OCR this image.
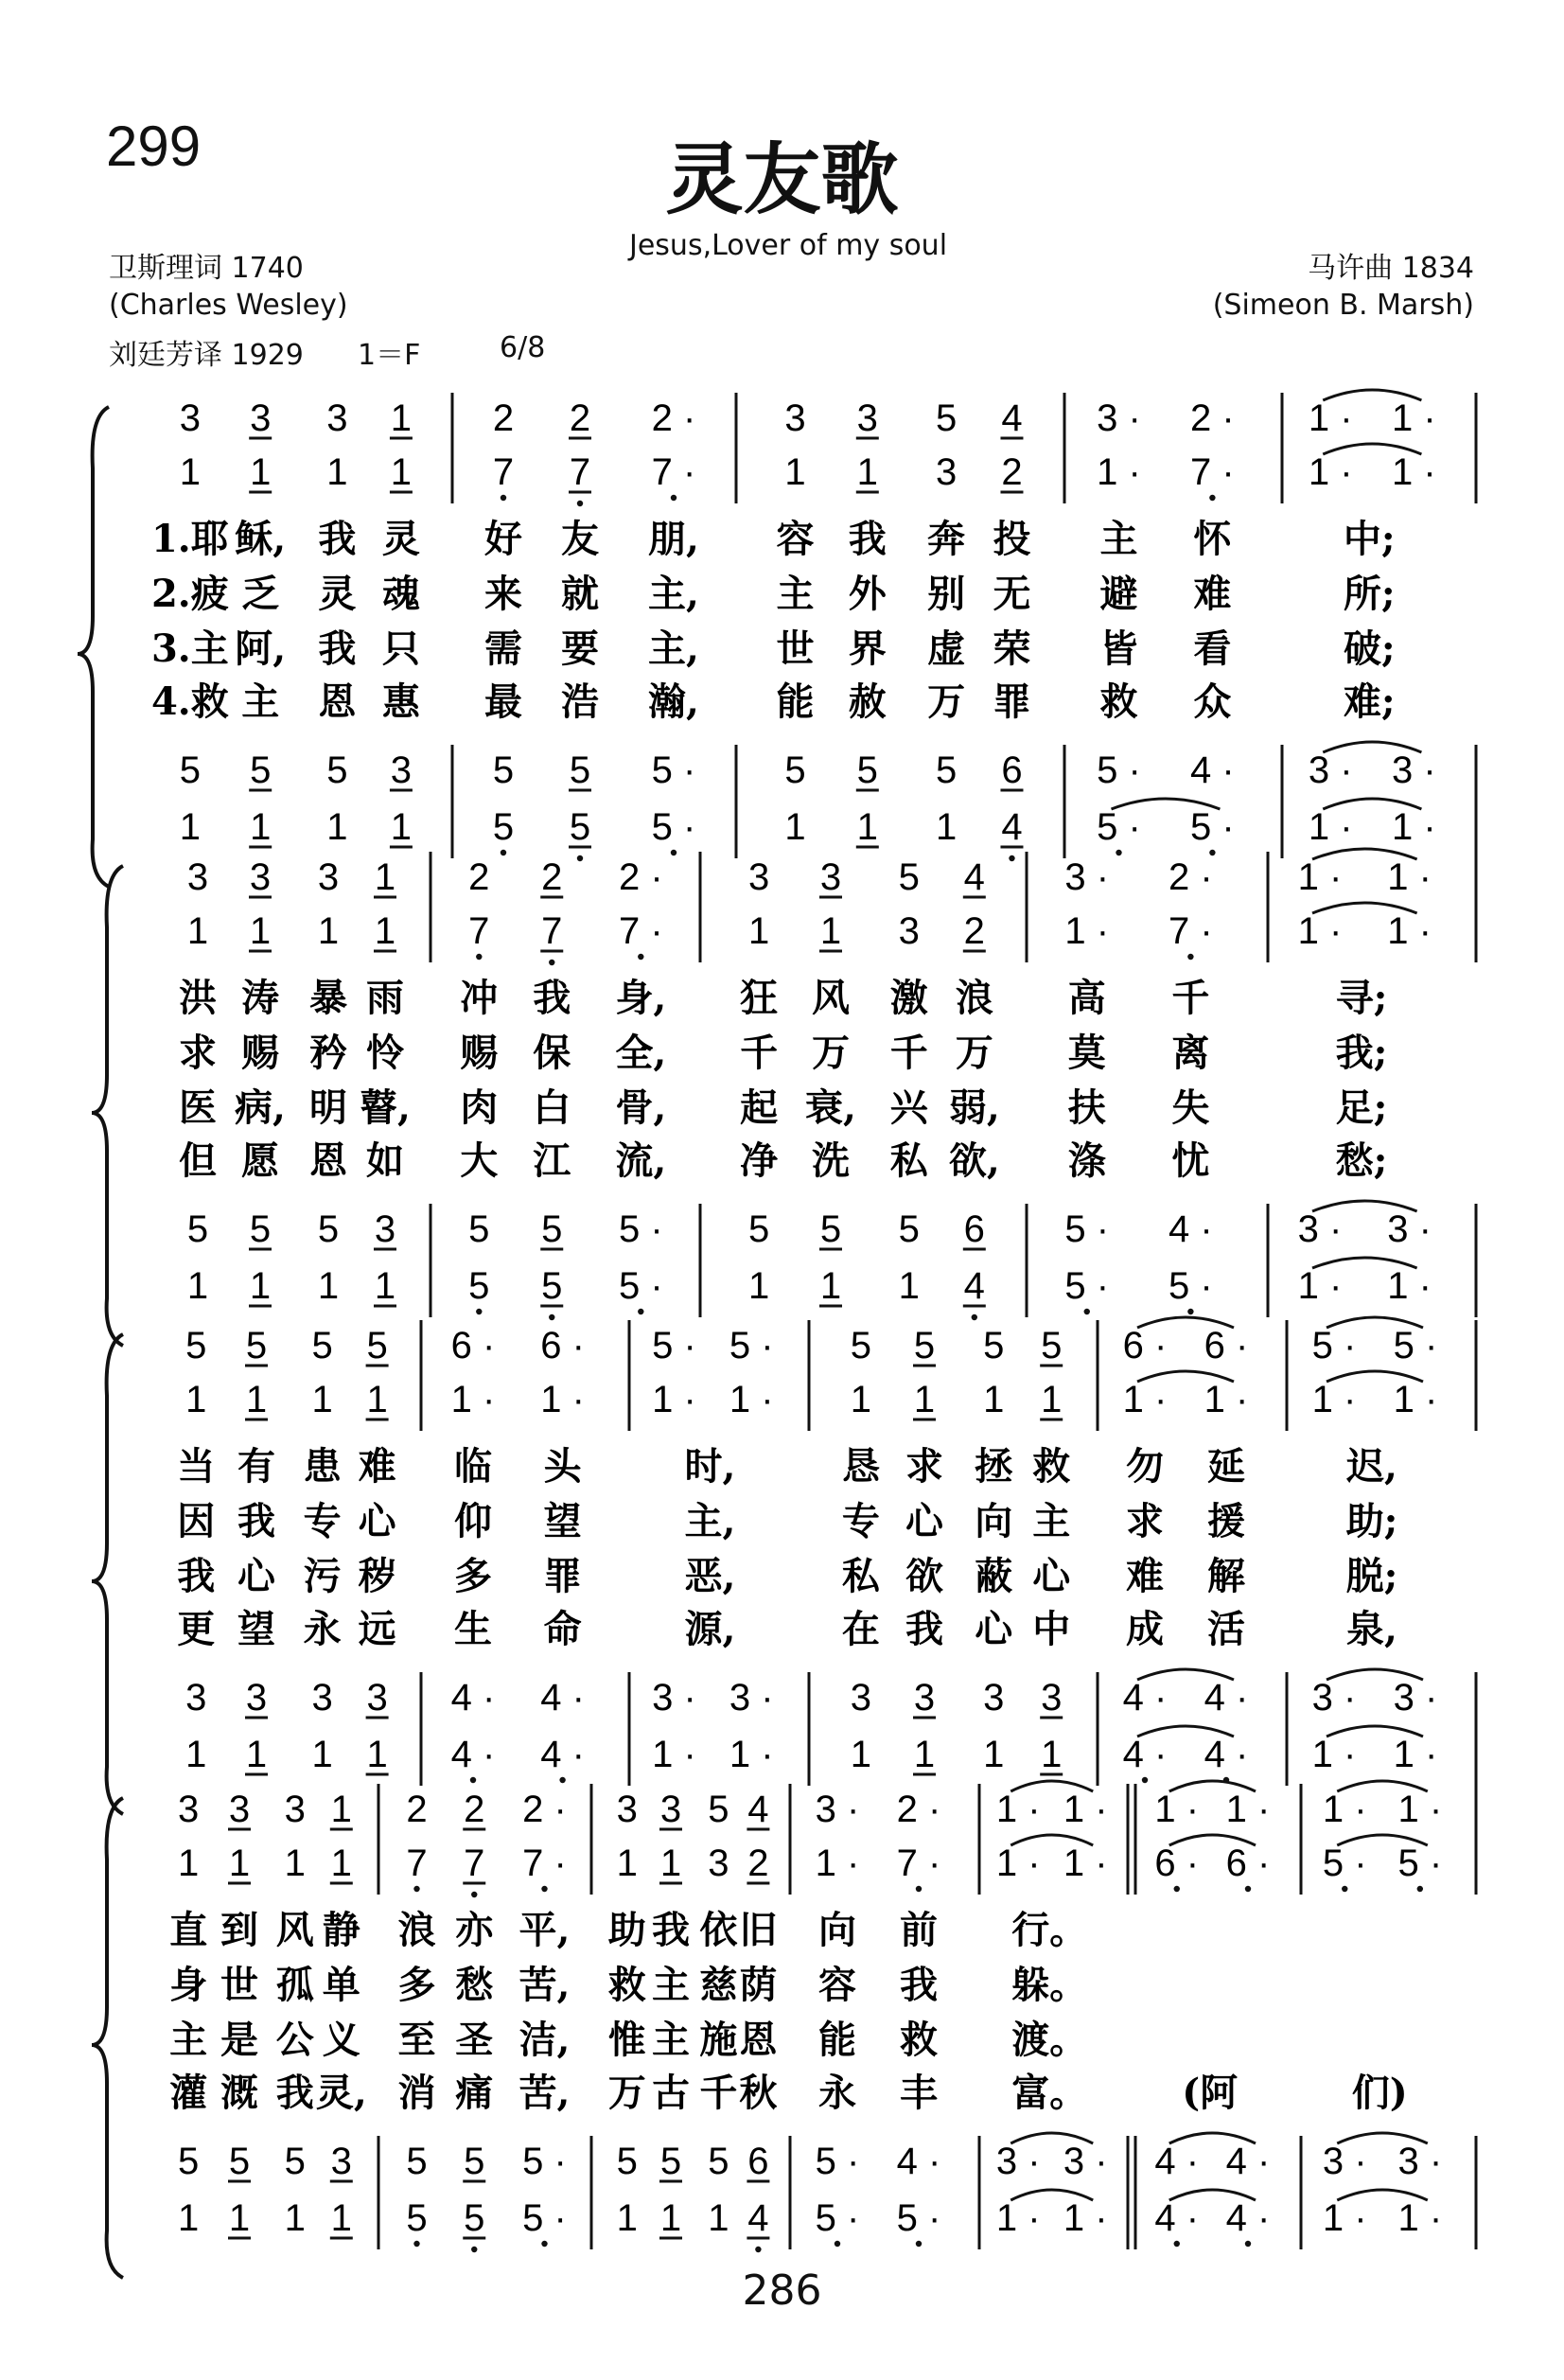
299	灵友歌
Jesus,Lover of my soul
卫斯理词 1740
(Charles Wesley)
刘廷芳译 1929 1＝F	6/8
马许曲 1834
(Simeon B. Marsh)
3 3 3 1 2 2 2 · 3 3 5 4 3 · 2 · 1 · 1 ·
1 1 1 1 7 7 7 · 1 1 3 2 1 · 7 · 1 · 1 ·
5 5 5 3 5 5 5 · 5 5 5 6 5 · 4 · 3 · 3 ·
1 1 1 1 5 5 5 · 1 1 1 4 5 · 5 · 1 · 1 ·
1.耶 稣, 我 灵 好 友 朋, 容 我 奔 投 主 怀	中;
2.疲 乏 灵 魂 来 就 主, 主 外 别 无 避 难	所;
3.主 阿, 我 只 需 要 主, 世 界 虚 荣 皆 看	破;
4.救 主 恩 惠 最 浩 瀚, 能 赦 万 罪 救 众	难;
3 3 3 1 2 2 2 · 3 3 5 4 3 · 2 · 1 · 1 ·
1 1 1 1 7 7 7 · 1 1 3 2 1 · 7 · 1 · 1 ·
5 5 5 3 5 5 5 · 5 5 5 6 5 · 4 · 3 · 3 ·
1 1 1 1 5 5 5 · 1 1 1 4 5 · 5 · 1 · 1 ·
洪 涛 暴 雨 冲 我 身, 狂 风 激 浪 高 千	寻;
求 赐 矜 怜 赐 保 全, 千 万 千 万 莫 离	我;
医 病, 明 瞽, 肉 白 骨, 起 衰, 兴 弱, 扶 失	足;
但 愿 恩 如 大 江 流, 净 洗 私 欲, 涤 忧	愁;
5 5 5 5 6 · 6 · 5 · 5 · 5 5 5 5 6 · 6 · 5 · 5 ·
1 1 1 1 1 · 1 · 1 · 1 · 1 1 1 1 1 · 1 · 1 · 1 ·
3 3 3 3 4 · 4 · 3 · 3 · 3 3 3 3 4 · 4 · 3 · 3 ·
1 1 1 1 4 · 4 · 1 · 1 · 1 1 1 1 4 · 4 · 1 · 1 ·
当 有 患 难 临 头	时,	恳 求 拯 救 勿 延	迟,
因 我 专 心 仰 望	主,	专 心 向 主 求 援	助;
我 心 污 秽 多 罪	恶,	私 欲 蔽 心 难 解	脱;
更 望 永 远 生 命	源,	在 我 心 中 成 活	泉,
3 3 3 1 2 2 2 · 3 3 5 4 3 · 2 · 1 · 1 · 1 · 1 · 1 · 1 ·
1 1 1 1 7 7 7 · 1 1 3 2 1 · 7 · 1 · 1 · 6 · 6 · 5 · 5 ·
5 5 5 3 5 5 5 · 5 5 5 6 5 · 4 · 3 · 3 · 4 · 4 · 3 · 3 ·
1 1 1 1 5 5 5 · 1 1 1 4 5 · 5 · 1 · 1 · 4 · 4 · 1 · 1 ·
直 到 风 静 浪 亦 平, 助 我 依 旧 向 前 行。
身 世 孤 单 多 愁 苦, 救 主 慈 荫 容 我 躲。
主 是 公 义 至 圣 洁, 惟 主 施 恩 能 救 渡。
灌 溉 我 灵, 消 痛 苦, 万 古 千 秋 永 丰 富。	(阿	们)
286
